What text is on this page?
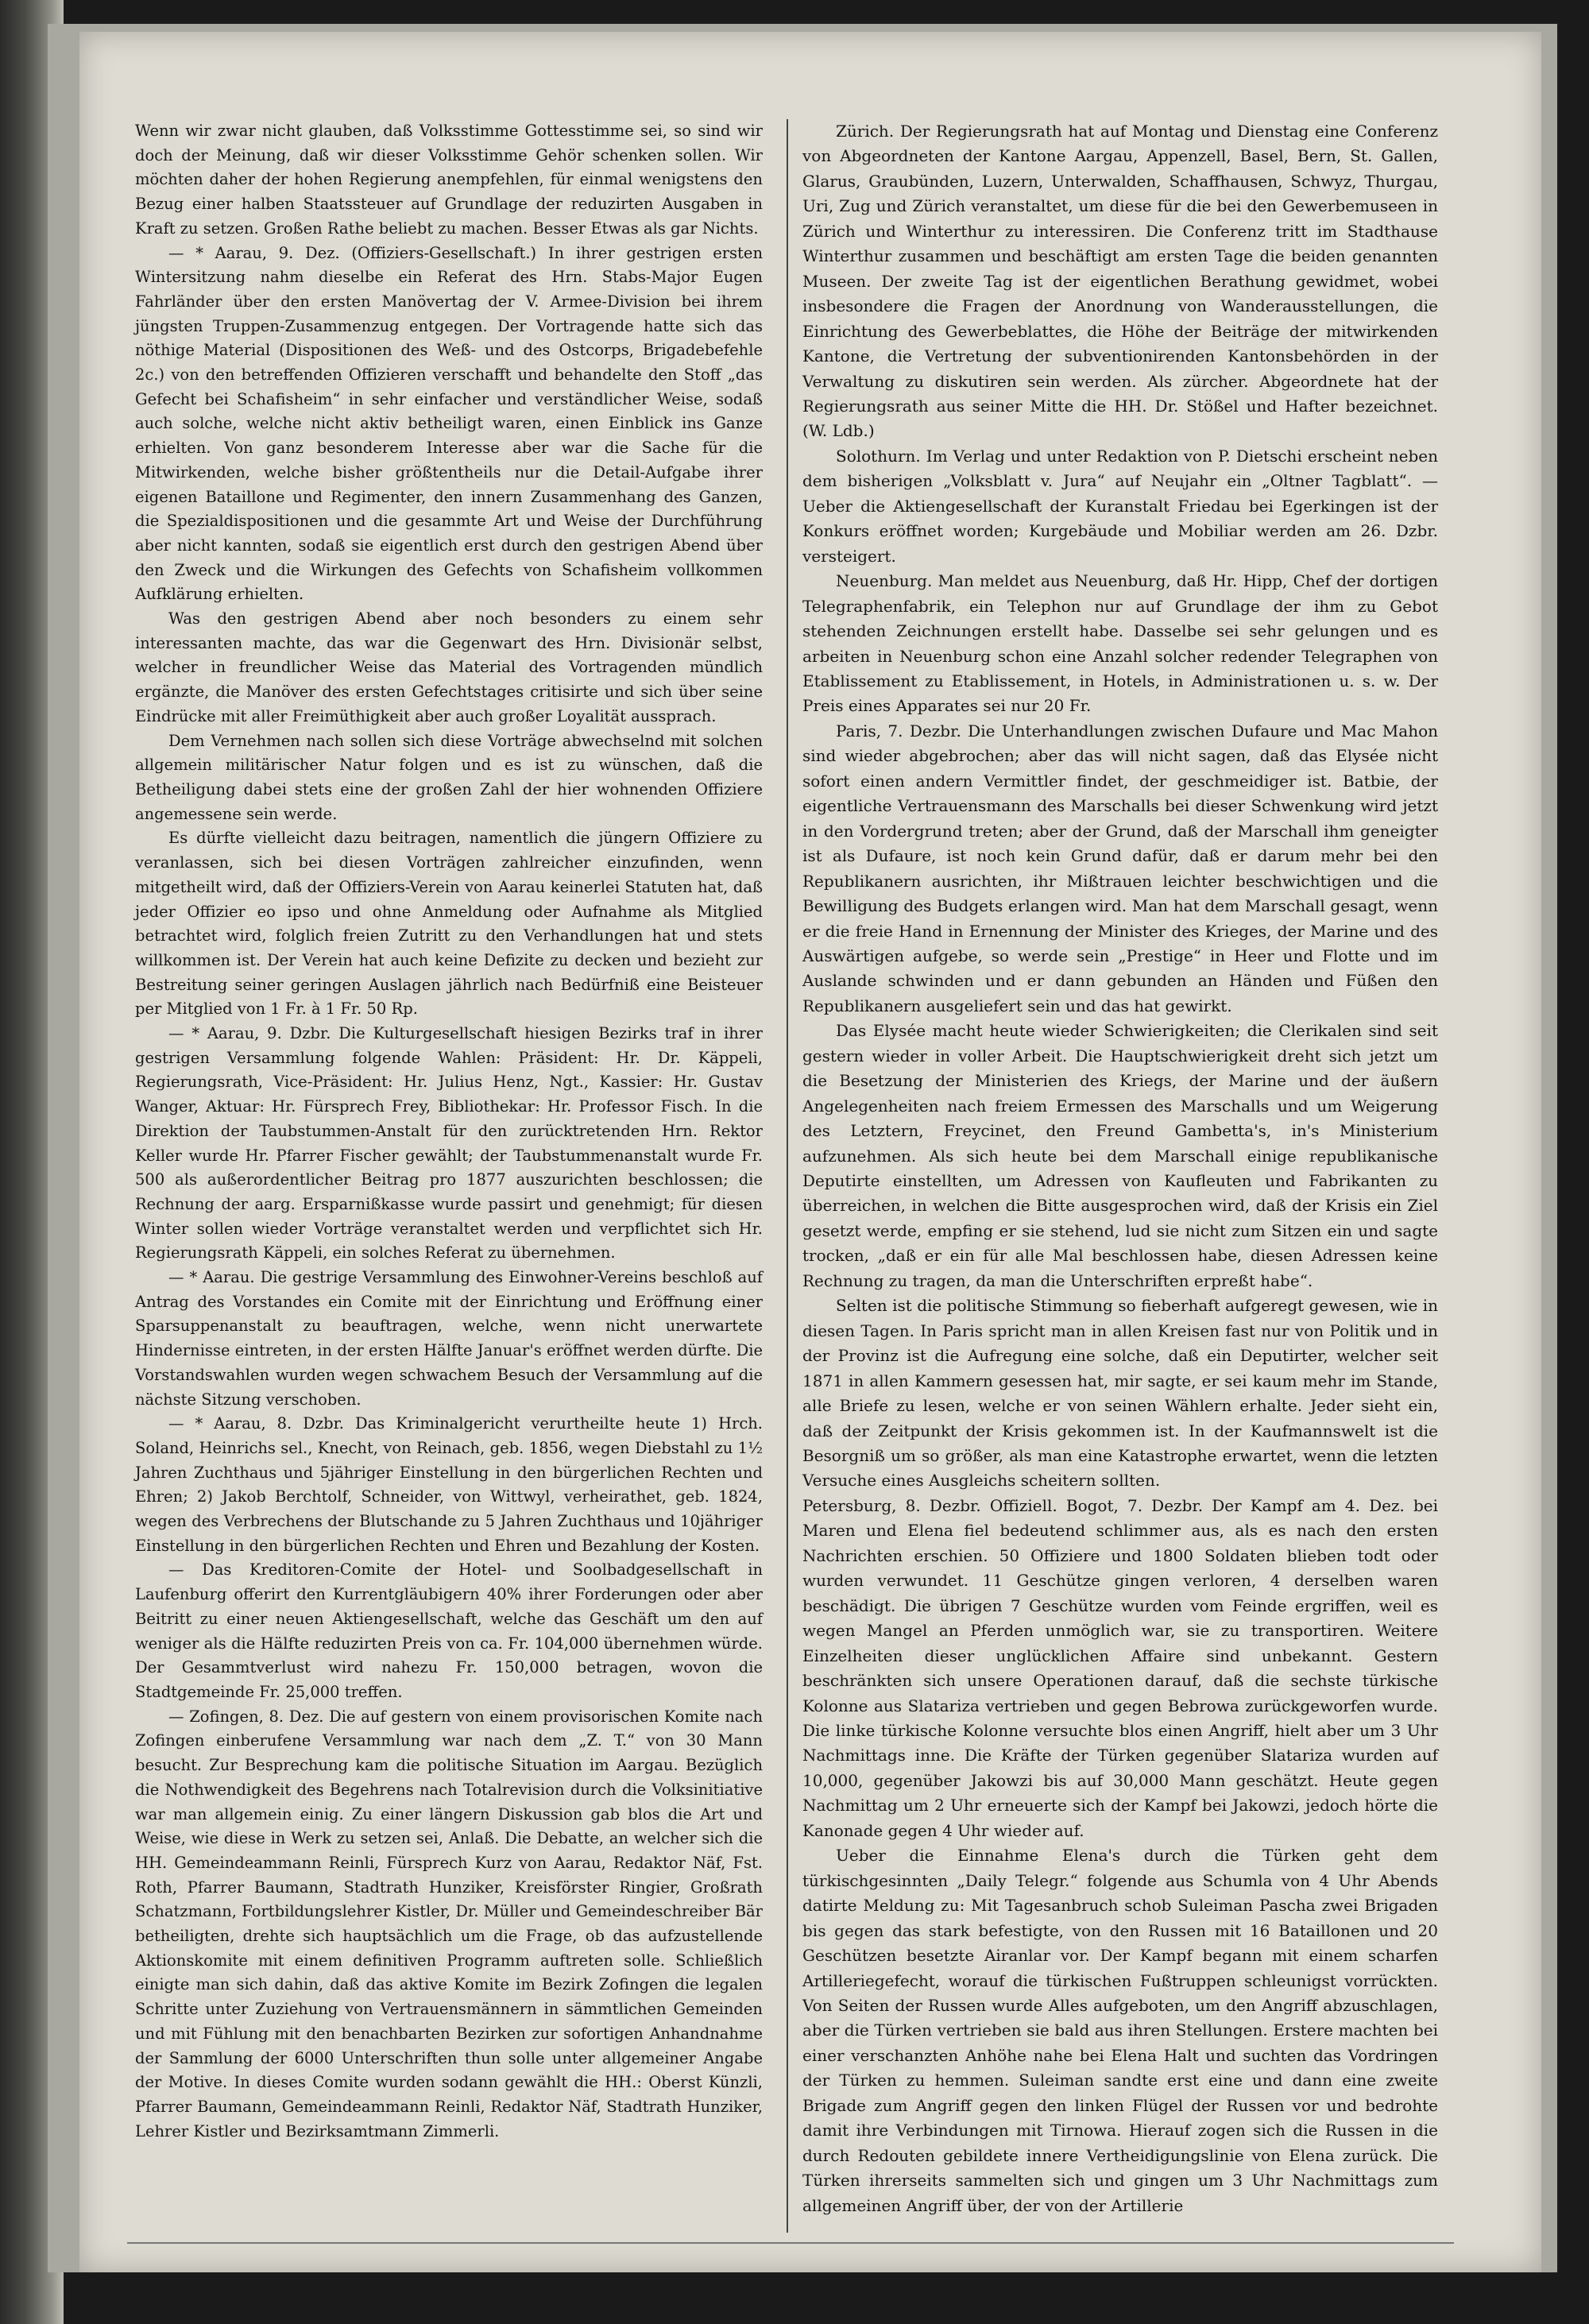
Wenn wir zwar nicht glauben, daß Volksstimme Gottesstimme sei, so sind wir doch der Meinung, daß wir dieser Volksstimme Gehör schenken sollen. Wir möchten daher der hohen Regierung anempfehlen, für einmal wenigstens den Bezug einer halben Staatssteuer auf Grundlage der reduzirten Ausgaben in Kraft zu setzen. Großen Rathe beliebt zu machen. Besser Etwas als gar Nichts.

— * Aarau, 9. Dez. (Offiziers-Gesellschaft.) In ihrer gestrigen ersten Wintersitzung nahm dieselbe ein Referat des Hrn. Stabs-Major Eugen Fahrländer über den ersten Manövertag der V. Armee-Division bei ihrem jüngsten Truppen-Zusammenzug entgegen. Der Vortragende hatte sich das nöthige Material (Dispositionen des Weß- und des Ostcorps, Brigadebefehle 2c.) von den betreffenden Offizieren verschafft und behandelte den Stoff „das Gefecht bei Schafisheim“ in sehr einfacher und verständlicher Weise, sodaß auch solche, welche nicht aktiv betheiligt waren, einen Einblick ins Ganze erhielten. Von ganz besonderem Interesse aber war die Sache für die Mitwirkenden, welche bisher größtentheils nur die Detail-Aufgabe ihrer eigenen Bataillone und Regimenter, den innern Zusammenhang des Ganzen, die Spezialdispositionen und die gesammte Art und Weise der Durchführung aber nicht kannten, sodaß sie eigentlich erst durch den gestrigen Abend über den Zweck und die Wirkungen des Gefechts von Schafisheim vollkommen Aufklärung erhielten.

Was den gestrigen Abend aber noch besonders zu einem sehr interessanten machte, das war die Gegenwart des Hrn. Divisionär selbst, welcher in freundlicher Weise das Material des Vortragenden mündlich ergänzte, die Manöver des ersten Gefechtstages critisirte und sich über seine Eindrücke mit aller Freimüthigkeit aber auch großer Loyalität aussprach.

Dem Vernehmen nach sollen sich diese Vorträge abwechselnd mit solchen allgemein militärischer Natur folgen und es ist zu wünschen, daß die Betheiligung dabei stets eine der großen Zahl der hier wohnenden Offiziere angemessene sein werde.

Es dürfte vielleicht dazu beitragen, namentlich die jüngern Offiziere zu veranlassen, sich bei diesen Vorträgen zahlreicher einzufinden, wenn mitgetheilt wird, daß der Offiziers-Verein von Aarau keinerlei Statuten hat, daß jeder Offizier eo ipso und ohne Anmeldung oder Aufnahme als Mitglied betrachtet wird, folglich freien Zutritt zu den Verhandlungen hat und stets willkommen ist. Der Verein hat auch keine Defizite zu decken und bezieht zur Bestreitung seiner geringen Auslagen jährlich nach Bedürfniß eine Beisteuer per Mitglied von 1 Fr. à 1 Fr. 50 Rp.

— * Aarau, 9. Dzbr. Die Kulturgesellschaft hiesigen Bezirks traf in ihrer gestrigen Versammlung folgende Wahlen: Präsident: Hr. Dr. Käppeli, Regierungsrath, Vice-Präsident: Hr. Julius Henz, Ngt., Kassier: Hr. Gustav Wanger, Aktuar: Hr. Fürsprech Frey, Bibliothekar: Hr. Professor Fisch. In die Direktion der Taubstummen-Anstalt für den zurücktretenden Hrn. Rektor Keller wurde Hr. Pfarrer Fischer gewählt; der Taubstummenanstalt wurde Fr. 500 als außerordentlicher Beitrag pro 1877 auszurichten beschlossen; die Rechnung der aarg. Ersparnißkasse wurde passirt und genehmigt; für diesen Winter sollen wieder Vorträge veranstaltet werden und verpflichtet sich Hr. Regierungsrath Käppeli, ein solches Referat zu übernehmen.

— * Aarau. Die gestrige Versammlung des Einwohner-Vereins beschloß auf Antrag des Vorstandes ein Comite mit der Einrichtung und Eröffnung einer Sparsuppenanstalt zu beauftragen, welche, wenn nicht unerwartete Hindernisse eintreten, in der ersten Hälfte Januar's eröffnet werden dürfte. Die Vorstandswahlen wurden wegen schwachem Besuch der Versammlung auf die nächste Sitzung verschoben.

— * Aarau, 8. Dzbr. Das Kriminalgericht verurtheilte heute 1) Hrch. Soland, Heinrichs sel., Knecht, von Reinach, geb. 1856, wegen Diebstahl zu 1½ Jahren Zuchthaus und 5jähriger Einstellung in den bürgerlichen Rechten und Ehren; 2) Jakob Berchtolf, Schneider, von Wittwyl, verheirathet, geb. 1824, wegen des Verbrechens der Blutschande zu 5 Jahren Zuchthaus und 10jähriger Einstellung in den bürgerlichen Rechten und Ehren und Bezahlung der Kosten.

— Das Kreditoren-Comite der Hotel- und Soolbadgesellschaft in Laufenburg offerirt den Kurrentgläubigern 40% ihrer Forderungen oder aber Beitritt zu einer neuen Aktiengesellschaft, welche das Geschäft um den auf weniger als die Hälfte reduzirten Preis von ca. Fr. 104,000 übernehmen würde. Der Gesammtverlust wird nahezu Fr. 150,000 betragen, wovon die Stadtgemeinde Fr. 25,000 treffen.

— Zofingen, 8. Dez. Die auf gestern von einem provisorischen Komite nach Zofingen einberufene Versammlung war nach dem „Z. T.“ von 30 Mann besucht. Zur Besprechung kam die politische Situation im Aargau. Bezüglich die Nothwendigkeit des Begehrens nach Totalrevision durch die Volksinitiative war man allgemein einig. Zu einer längern Diskussion gab blos die Art und Weise, wie diese in Werk zu setzen sei, Anlaß. Die Debatte, an welcher sich die HH. Gemeindeammann Reinli, Fürsprech Kurz von Aarau, Redaktor Näf, Fst. Roth, Pfarrer Baumann, Stadtrath Hunziker, Kreisförster Ringier, Großrath Schatzmann, Fortbildungslehrer Kistler, Dr. Müller und Gemeindeschreiber Bär betheiligten, drehte sich hauptsächlich um die Frage, ob das aufzustellende Aktionskomite mit einem definitiven Programm auftreten solle. Schließlich einigte man sich dahin, daß das aktive Komite im Bezirk Zofingen die legalen Schritte unter Zuziehung von Vertrauensmännern in sämmtlichen Gemeinden und mit Fühlung mit den benachbarten Bezirken zur sofortigen Anhandnahme der Sammlung der 6000 Unterschriften thun solle unter allgemeiner Angabe der Motive. In dieses Comite wurden sodann gewählt die HH.: Oberst Künzli, Pfarrer Baumann, Gemeindeammann Reinli, Redaktor Näf, Stadtrath Hunziker, Lehrer Kistler und Bezirksamtmann Zimmerli.

Zürich. Der Regierungsrath hat auf Montag und Dienstag eine Conferenz von Abgeordneten der Kantone Aargau, Appenzell, Basel, Bern, St. Gallen, Glarus, Graubünden, Luzern, Unterwalden, Schaffhausen, Schwyz, Thurgau, Uri, Zug und Zürich veranstaltet, um diese für die bei den Gewerbemuseen in Zürich und Winterthur zu interessiren. Die Conferenz tritt im Stadthause Winterthur zusammen und beschäftigt am ersten Tage die beiden genannten Museen. Der zweite Tag ist der eigentlichen Berathung gewidmet, wobei insbesondere die Fragen der Anordnung von Wanderausstellungen, die Einrichtung des Gewerbeblattes, die Höhe der Beiträge der mitwirkenden Kantone, die Vertretung der subventionirenden Kantonsbehörden in der Verwaltung zu diskutiren sein werden. Als zürcher. Abgeordnete hat der Regierungsrath aus seiner Mitte die HH. Dr. Stößel und Hafter bezeichnet. (W. Ldb.)

Solothurn. Im Verlag und unter Redaktion von P. Dietschi erscheint neben dem bisherigen „Volksblatt v. Jura“ auf Neujahr ein „Oltner Tagblatt“. — Ueber die Aktiengesellschaft der Kuranstalt Friedau bei Egerkingen ist der Konkurs eröffnet worden; Kurgebäude und Mobiliar werden am 26. Dzbr. versteigert.

Neuenburg. Man meldet aus Neuenburg, daß Hr. Hipp, Chef der dortigen Telegraphenfabrik, ein Telephon nur auf Grundlage der ihm zu Gebot stehenden Zeichnungen erstellt habe. Dasselbe sei sehr gelungen und es arbeiten in Neuenburg schon eine Anzahl solcher redender Telegraphen von Etablissement zu Etablissement, in Hotels, in Administrationen u. s. w. Der Preis eines Apparates sei nur 20 Fr.

Paris, 7. Dezbr. Die Unterhandlungen zwischen Dufaure und Mac Mahon sind wieder abgebrochen; aber das will nicht sagen, daß das Elysée nicht sofort einen andern Vermittler findet, der geschmeidiger ist. Batbie, der eigentliche Vertrauensmann des Marschalls bei dieser Schwenkung wird jetzt in den Vordergrund treten; aber der Grund, daß der Marschall ihm geneigter ist als Dufaure, ist noch kein Grund dafür, daß er darum mehr bei den Republikanern ausrichten, ihr Mißtrauen leichter beschwichtigen und die Bewilligung des Budgets erlangen wird. Man hat dem Marschall gesagt, wenn er die freie Hand in Ernennung der Minister des Krieges, der Marine und des Auswärtigen aufgebe, so werde sein „Prestige“ in Heer und Flotte und im Auslande schwinden und er dann gebunden an Händen und Füßen den Republikanern ausgeliefert sein und das hat gewirkt.

Das Elysée macht heute wieder Schwierigkeiten; die Clerikalen sind seit gestern wieder in voller Arbeit. Die Hauptschwierigkeit dreht sich jetzt um die Besetzung der Ministerien des Kriegs, der Marine und der äußern Angelegenheiten nach freiem Ermessen des Marschalls und um Weigerung des Letztern, Freycinet, den Freund Gambetta's, in's Ministerium aufzunehmen. Als sich heute bei dem Marschall einige republikanische Deputirte einstellten, um Adressen von Kaufleuten und Fabrikanten zu überreichen, in welchen die Bitte ausgesprochen wird, daß der Krisis ein Ziel gesetzt werde, empfing er sie stehend, lud sie nicht zum Sitzen ein und sagte trocken, „daß er ein für alle Mal beschlossen habe, diesen Adressen keine Rechnung zu tragen, da man die Unterschriften erpreßt habe“.

Selten ist die politische Stimmung so fieberhaft aufgeregt gewesen, wie in diesen Tagen. In Paris spricht man in allen Kreisen fast nur von Politik und in der Provinz ist die Aufregung eine solche, daß ein Deputirter, welcher seit 1871 in allen Kammern gesessen hat, mir sagte, er sei kaum mehr im Stande, alle Briefe zu lesen, welche er von seinen Wählern erhalte. Jeder sieht ein, daß der Zeitpunkt der Krisis gekommen ist. In der Kaufmannswelt ist die Besorgniß um so größer, als man eine Katastrophe erwartet, wenn die letzten Versuche eines Ausgleichs scheitern sollten.

Petersburg, 8. Dezbr. Offiziell. Bogot, 7. Dezbr. Der Kampf am 4. Dez. bei Maren und Elena fiel bedeutend schlimmer aus, als es nach den ersten Nachrichten erschien. 50 Offiziere und 1800 Soldaten blieben todt oder wurden verwundet. 11 Geschütze gingen verloren, 4 derselben waren beschädigt. Die übrigen 7 Geschütze wurden vom Feinde ergriffen, weil es wegen Mangel an Pferden unmöglich war, sie zu transportiren. Weitere Einzelheiten dieser unglücklichen Affaire sind unbekannt. Gestern beschränkten sich unsere Operationen darauf, daß die sechste türkische Kolonne aus Slatariza vertrieben und gegen Bebrowa zurückgeworfen wurde. Die linke türkische Kolonne versuchte blos einen Angriff, hielt aber um 3 Uhr Nachmittags inne. Die Kräfte der Türken gegenüber Slatariza wurden auf 10,000, gegenüber Jakowzi bis auf 30,000 Mann geschätzt. Heute gegen Nachmittag um 2 Uhr erneuerte sich der Kampf bei Jakowzi, jedoch hörte die Kanonade gegen 4 Uhr wieder auf.

Ueber die Einnahme Elena's durch die Türken geht dem türkischgesinnten „Daily Telegr.“ folgende aus Schumla von 4 Uhr Abends datirte Meldung zu: Mit Tagesanbruch schob Suleiman Pascha zwei Brigaden bis gegen das stark befestigte, von den Russen mit 16 Bataillonen und 20 Geschützen besetzte Airanlar vor. Der Kampf begann mit einem scharfen Artilleriegefecht, worauf die türkischen Fußtruppen schleunigst vorrückten. Von Seiten der Russen wurde Alles aufgeboten, um den Angriff abzuschlagen, aber die Türken vertrieben sie bald aus ihren Stellungen. Erstere machten bei einer verschanzten Anhöhe nahe bei Elena Halt und suchten das Vordringen der Türken zu hemmen. Suleiman sandte erst eine und dann eine zweite Brigade zum Angriff gegen den linken Flügel der Russen vor und bedrohte damit ihre Verbindungen mit Tirnowa. Hierauf zogen sich die Russen in die durch Redouten gebildete innere Vertheidigungslinie von Elena zurück. Die Türken ihrerseits sammelten sich und gingen um 3 Uhr Nachmittags zum allgemeinen Angriff über, der von der Artillerie
